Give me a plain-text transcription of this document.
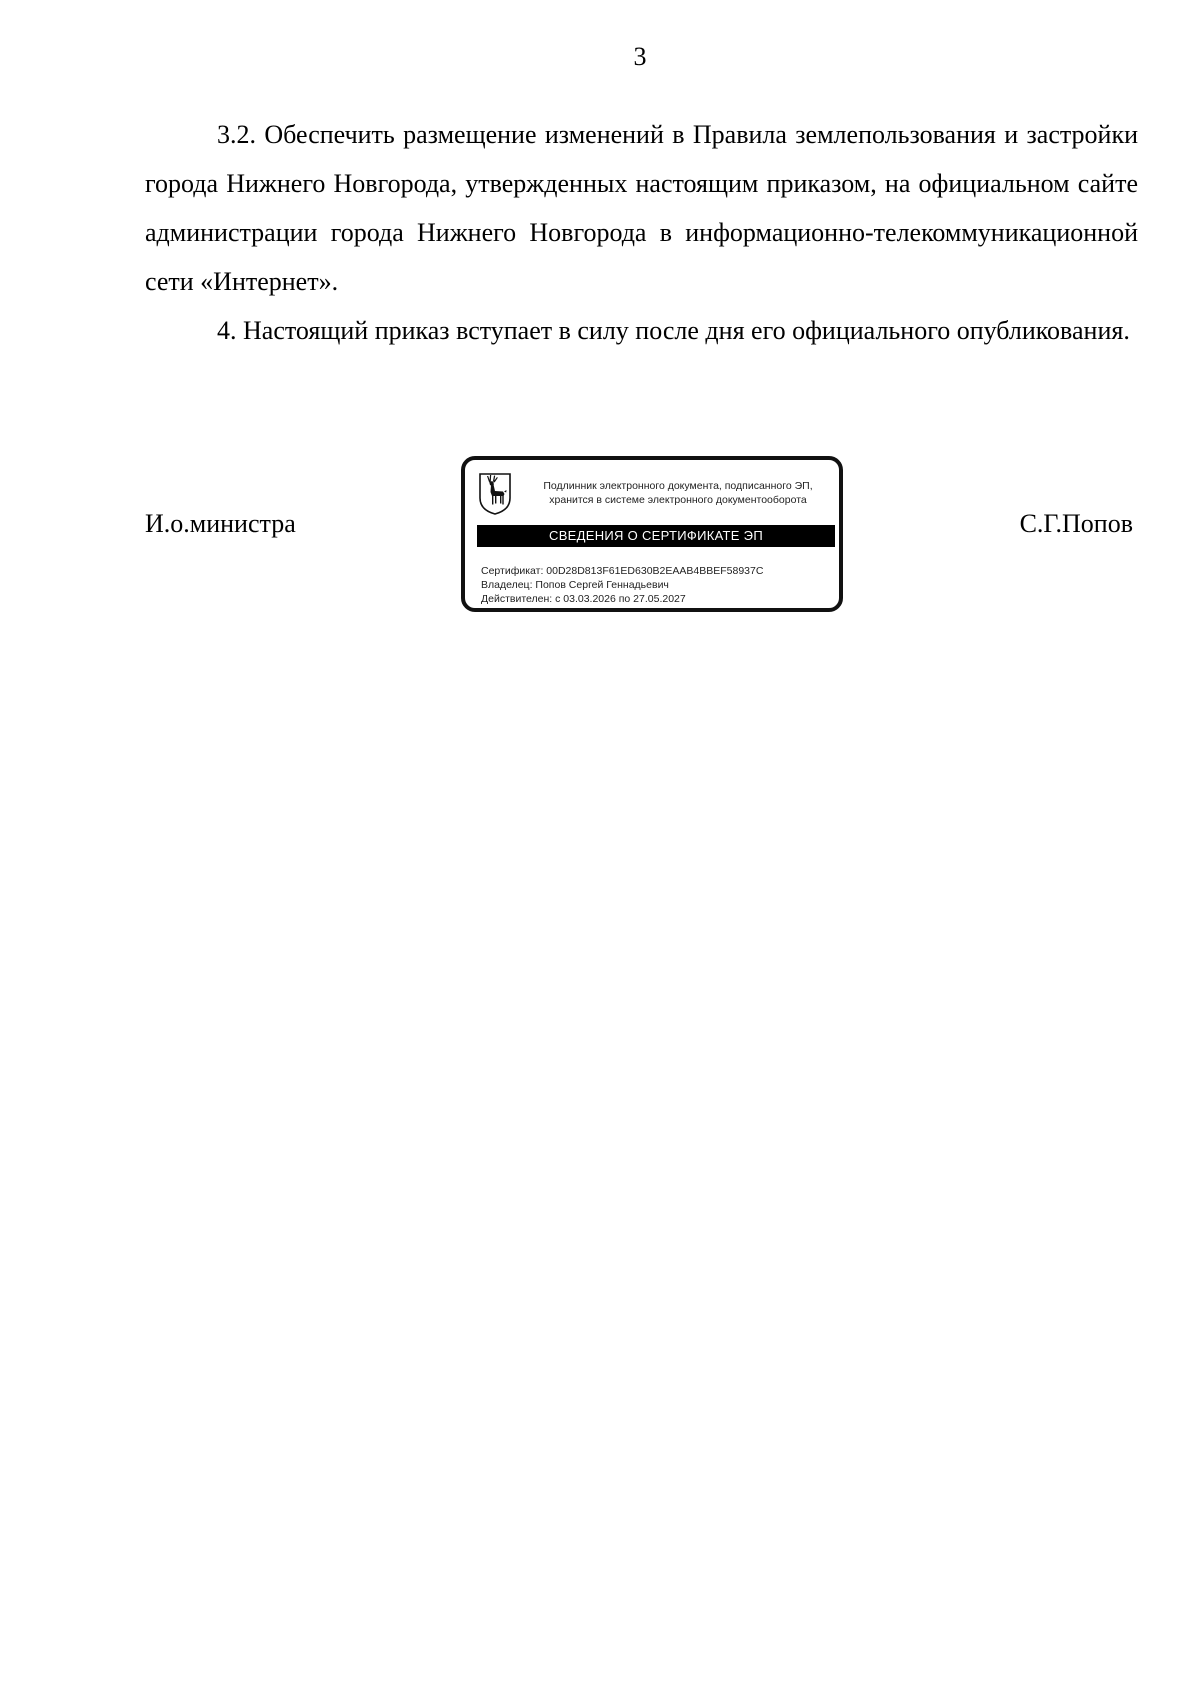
3

3.2. Обеспечить размещение изменений в Правила землепользования и застройки города Нижнего Новгорода, утвержденных настоящим приказом, на официальном сайте администрации города Нижнего Новгорода в информационно-телекоммуникационной сети «Интернет».

4. Настоящий приказ вступает в силу после дня его официального опубликования.

И.о.министра
Подлинник электронного документа, подписанного ЭП,
хранится в системе электронного документооборота
СВЕДЕНИЯ О СЕРТИФИКАТЕ ЭП
Сертификат: 00D28D813F61ED630B2EAAB4BBEF58937C
Владелец: Попов Сергей Геннадьевич
Действителен: с 03.03.2026 по 27.05.2027
С.Г.Попов
